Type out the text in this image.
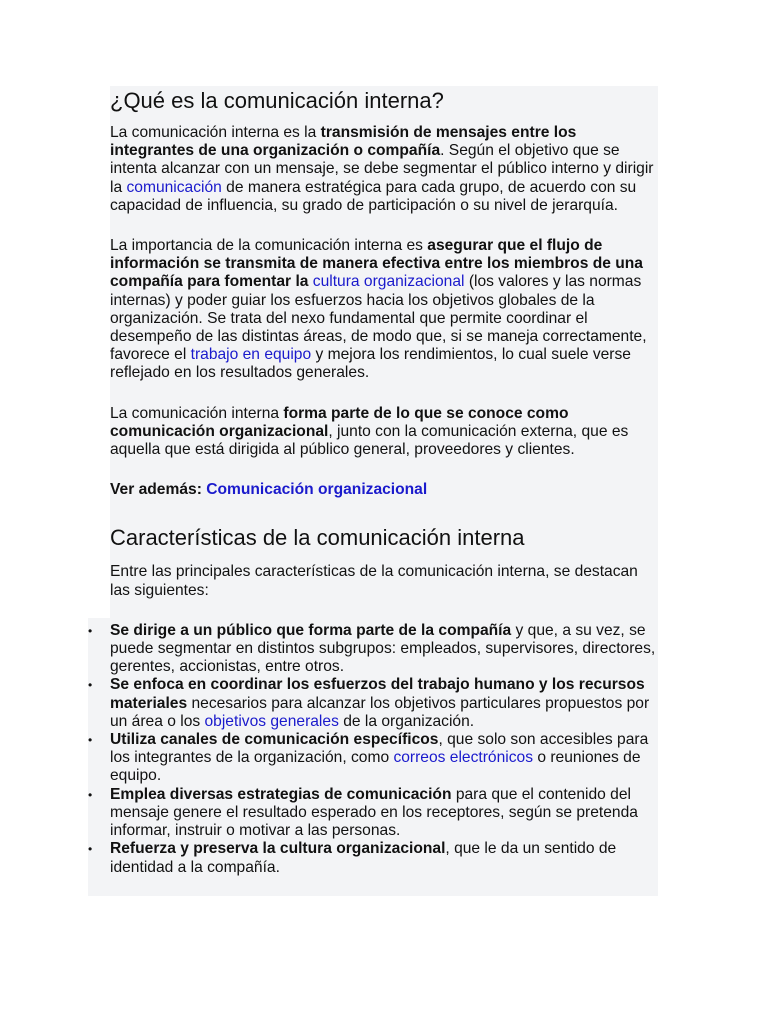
¿Qué es la comunicación interna?

La comunicación interna es la transmisión de mensajes entre los integrantes de una organización o compañía. Según el objetivo que se intenta alcanzar con un mensaje, se debe segmentar el público interno y dirigir la comunicación de manera estratégica para cada grupo, de acuerdo con su capacidad de influencia, su grado de participación o su nivel de jerarquía.

La importancia de la comunicación interna es asegurar que el flujo de información se transmita de manera efectiva entre los miembros de una compañía para fomentar la cultura organizacional (los valores y las normas internas) y poder guiar los esfuerzos hacia los objetivos globales de la organización. Se trata del nexo fundamental que permite coordinar el desempeño de las distintas áreas, de modo que, si se maneja correctamente, favorece el trabajo en equipo y mejora los rendimientos, lo cual suele verse reflejado en los resultados generales.

La comunicación interna forma parte de lo que se conoce como comunicación organizacional, junto con la comunicación externa, que es aquella que está dirigida al público general, proveedores y clientes.

Ver además: Comunicación organizacional

Características de la comunicación interna

Entre las principales características de la comunicación interna, se destacan las siguientes:

• Se dirige a un público que forma parte de la compañía y que, a su vez, se puede segmentar en distintos subgrupos: empleados, supervisores, directores, gerentes, accionistas, entre otros.
• Se enfoca en coordinar los esfuerzos del trabajo humano y los recursos materiales necesarios para alcanzar los objetivos particulares propuestos por un área o los objetivos generales de la organización.
• Utiliza canales de comunicación específicos, que solo son accesibles para los integrantes de la organización, como correos electrónicos o reuniones de equipo.
• Emplea diversas estrategias de comunicación para que el contenido del mensaje genere el resultado esperado en los receptores, según se pretenda informar, instruir o motivar a las personas.
• Refuerza y preserva la cultura organizacional, que le da un sentido de identidad a la compañía.
